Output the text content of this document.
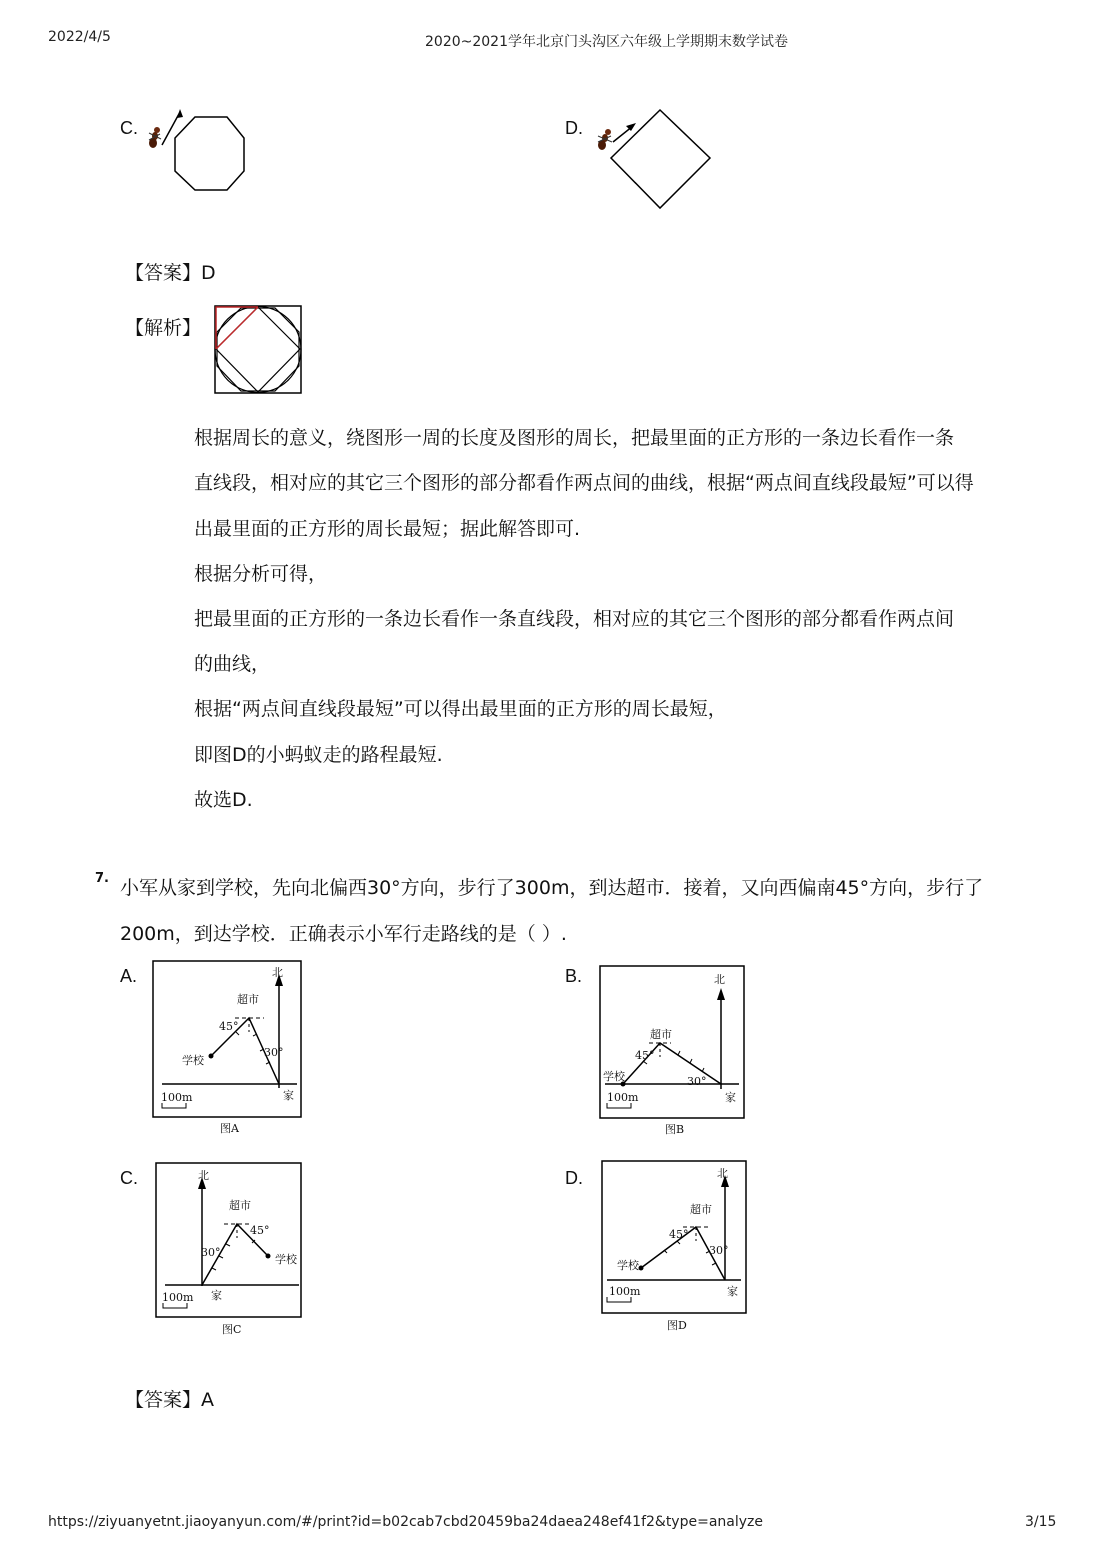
2022/4/5	2020~2021学年北京门头沟区六年级上学期期末数学试卷
C.	D.
【答案】D
【解析】
根据周长的意义，绕图形一周的长度及图形的周长，把最里面的正方形的一条边长看作一条
直线段，相对应的其它三个图形的部分都看作两点间的曲线，根据“两点间直线段最短”可以得
出最里面的正方形的周长最短；据此解答即可.
根据分析可得，
把最里面的正方形的一条边长看作一条直线段，相对应的其它三个图形的部分都看作两点间
的曲线，
根据“两点间直线段最短”可以得出最里面的正方形的周长最短，
即图D的小蚂蚁走的路程最短.
故选D.
7. 小军从家到学校，先向北偏西30°方向，步行了300m，到达超市．接着，又向西偏南45°方向，步行了
200m，到达学校．正确表示小军行走路线的是（ ）.
A.	北
超市
45°
30°
学校
家
100m
图A
B.	北
超市
45°
学校	30°
家
100m
图B
C.	北
超市
45°
30°
学校
家
100m
图C
D.	北
超市
45°
30°
学校
家
100m
图D
【答案】A
https://ziyuanyetnt.jiaoyanyun.com/#/print?id=b02cab7cbd20459ba24daea248ef41f2&type=analyze	3/15
